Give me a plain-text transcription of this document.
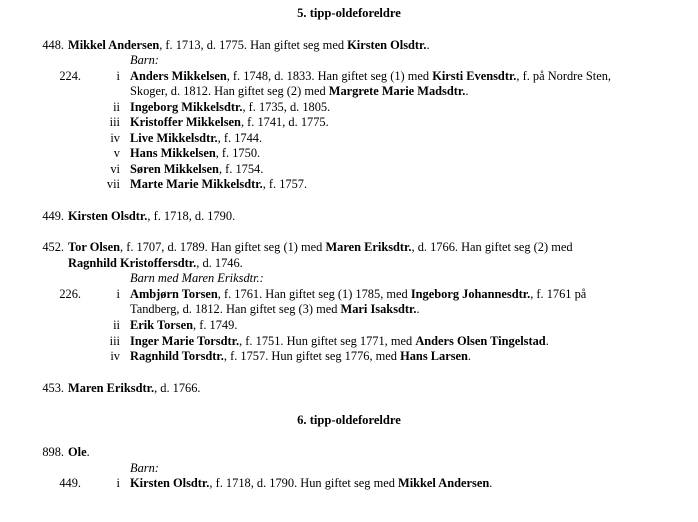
5. tipp-oldeforeldre
448. Mikkel Andersen, f. 1713, d. 1775. Han giftet seg med Kirsten Olsdtr..
Barn:
224.	i Anders Mikkelsen, f. 1748, d. 1833. Han giftet seg (1) med Kirsti Evensdtr., f. på Nordre Sten,
Skoger, d. 1812. Han giftet seg (2) med Margrete Marie Madsdtr..
ii Ingeborg Mikkelsdtr., f. 1735, d. 1805.
iii Kristoffer Mikkelsen, f. 1741, d. 1775.
iv Live Mikkelsdtr., f. 1744.
v Hans Mikkelsen, f. 1750.
vi Søren Mikkelsen, f. 1754.
vii Marte Marie Mikkelsdtr., f. 1757.
449. Kirsten Olsdtr., f. 1718, d. 1790.
452. Tor Olsen, f. 1707, d. 1789. Han giftet seg (1) med Maren Eriksdtr., d. 1766. Han giftet seg (2) med
Ragnhild Kristoffersdtr., d. 1746.
Barn med Maren Eriksdtr.:
226.	i Ambjørn Torsen, f. 1761. Han giftet seg (1) 1785, med Ingeborg Johannesdtr., f. 1761 på
Tandberg, d. 1812. Han giftet seg (3) med Mari Isaksdtr..
ii Erik Torsen, f. 1749.
iii Inger Marie Torsdtr., f. 1751. Hun giftet seg 1771, med Anders Olsen Tingelstad.
iv Ragnhild Torsdtr., f. 1757. Hun giftet seg 1776, med Hans Larsen.
453. Maren Eriksdtr., d. 1766.
6. tipp-oldeforeldre
898. Ole.
Barn:
449.	i Kirsten Olsdtr., f. 1718, d. 1790. Hun giftet seg med Mikkel Andersen.
